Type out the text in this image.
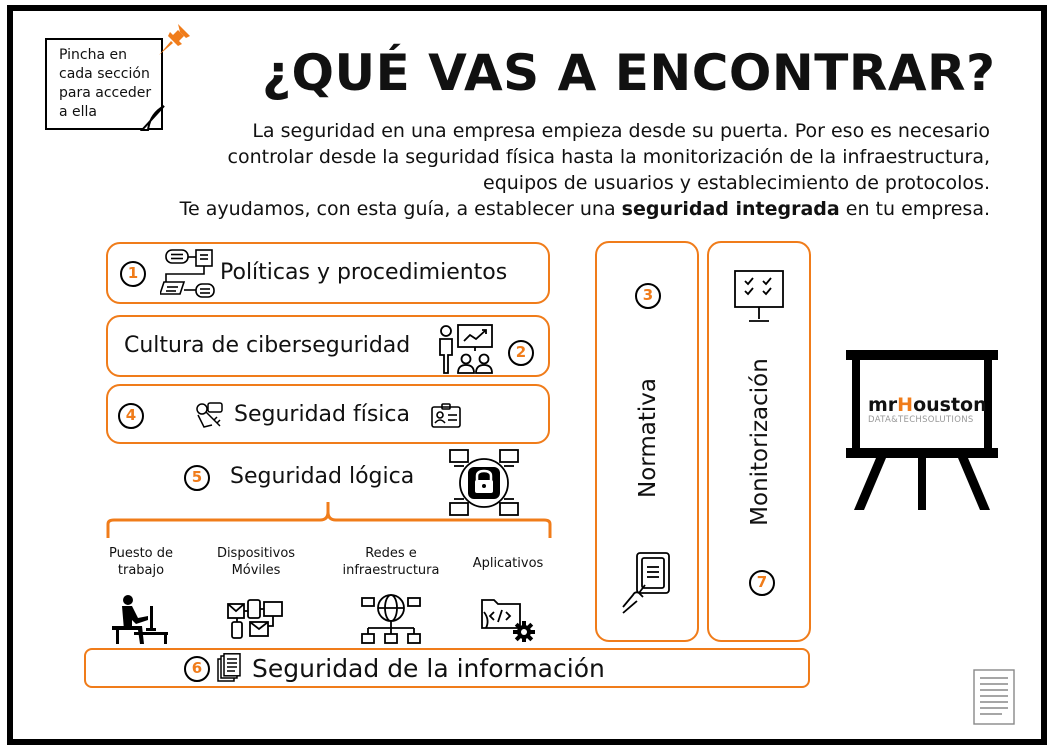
Pincha en
cada sección
para acceder
a ella
¿QUÉ VAS A ENCONTRAR?
La seguridad en una empresa empieza desde su puerta. Por eso es necesario
controlar desde la seguridad física hasta la monitorización de la infraestructura,
equipos de usuarios y establecimiento de protocolos.
Te ayudamos, con esta guía, a establecer una seguridad integrada en tu empresa.
1	Políticas y procedimientos
Cultura de ciberseguridad	2
4	Seguridad física
5	Seguridad lógica
Puesto de
trabajo
Dispositivos
Móviles
Redes e
infraestructura	Aplicativos
6	Seguridad de la información
3
Normativa	Monitorización
7
mrHouston
DATA&TECHSOLUTIONS
